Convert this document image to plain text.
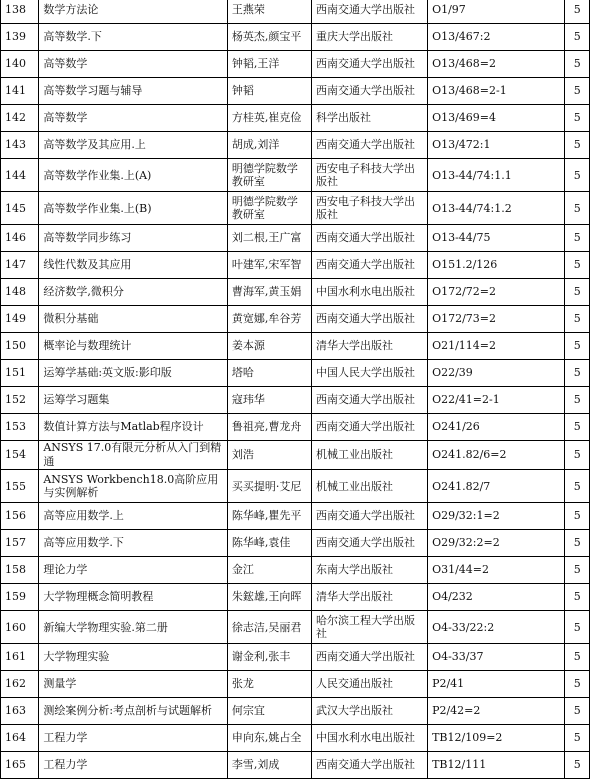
138	数学方法论	王燕荣	西南交通大学出版社	O1/97	5
139	高等数学.下	杨英杰,颜宝平	重庆大学出版社	O13/467:2	5
140	高等数学	钟韬,王洋	西南交通大学出版社	O13/468=2	5
141	高等数学习题与辅导	钟韬	西南交通大学出版社	O13/468=2-1	5
142	高等数学	方桂英,崔克俭	科学出版社	O13/469=4	5
143	高等数学及其应用.上	胡成,刘洋	西南交通大学出版社	O13/472:1	5
144	高等数学作业集.上(A)	明德学院数学教研室	西安电子科技大学出版社	O13-44/74:1.1	5
145	高等数学作业集.上(B)	明德学院数学教研室	西安电子科技大学出版社	O13-44/74:1.2	5
146	高等数学同步练习	刘二根,王广富	西南交通大学出版社	O13-44/75	5
147	线性代数及其应用	叶建军,宋军智	西南交通大学出版社	O151.2/126	5
148	经济数学,微积分	曹海军,黄玉娟	中国水利水电出版社	O172/72=2	5
149	微积分基础	黄宽娜,牟谷芳	西南交通大学出版社	O172/73=2	5
150	概率论与数理统计	姜本源	清华大学出版社	O21/114=2	5
151	运筹学基础:英文版:影印版	塔哈	中国人民大学出版社	O22/39	5
152	运筹学习题集	寇玮华	西南交通大学出版社	O22/41=2-1	5
153	数值计算方法与Matlab程序设计	鲁祖亮,曹龙舟	西南交通大学出版社	O241/26	5
154	ANSYS 17.0有限元分析从入门到精通	刘浩	机械工业出版社	O241.82/6=2	5
155	ANSYS Workbench18.0高阶应用与实例解析	买买提明·艾尼	机械工业出版社	O241.82/7	5
156	高等应用数学.上	陈华峰,瞿先平	西南交通大学出版社	O29/32:1=2	5
157	高等应用数学.下	陈华峰,袁佳	西南交通大学出版社	O29/32:2=2	5
158	理论力学	金江	东南大学出版社	O31/44=2	5
159	大学物理概念简明教程	朱鋐雄,王向晖	清华大学出版社	O4/232	5
160	新编大学物理实验.第二册	徐志洁,吴丽君	哈尔滨工程大学出版社	O4-33/22:2	5
161	大学物理实验	谢金利,张丰	西南交通大学出版社	O4-33/37	5
162	测量学	张龙	人民交通出版社	P2/41	5
163	测绘案例分析:考点剖析与试题解析	何宗宜	武汉大学出版社	P2/42=2	5
164	工程力学	申向东,姚占全	中国水利水电出版社	TB12/109=2	5
165	工程力学	李雪,刘成	西南交通大学出版社	TB12/111	5
